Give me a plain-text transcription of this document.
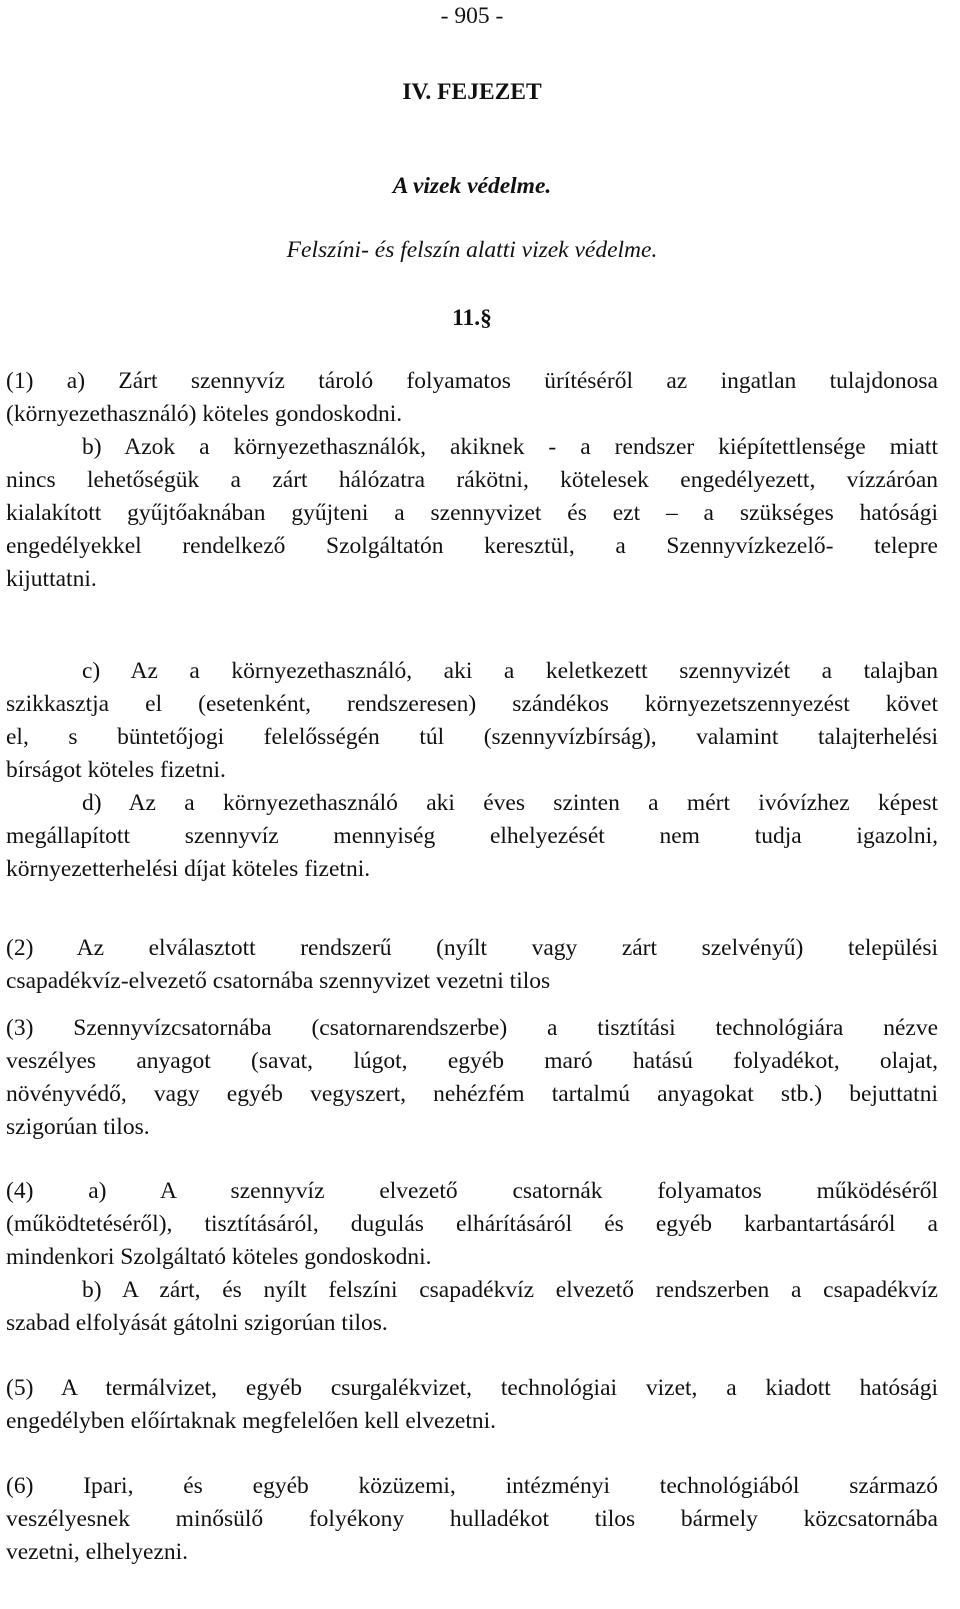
- 905 -
IV. FEJEZET
A vizek védelme.
Felszíni- és felszín alatti vizek védelme.
11.§
(1) a) Zárt szennyvíz tároló folyamatos ürítéséről az ingatlan tulajdonosa
(környezethasználó) köteles gondoskodni.
b) Azok a környezethasználók, akiknek - a rendszer kiépítettlensége miatt
nincs lehetőségük a zárt hálózatra rákötni, kötelesek engedélyezett, vízzáróan
kialakított gyűjtőaknában gyűjteni a szennyvizet és ezt – a szükséges hatósági
engedélyekkel rendelkező Szolgáltatón keresztül, a Szennyvízkezelő- telepre
kijuttatni.
c) Az a környezethasználó, aki a keletkezett szennyvizét a talajban
szikkasztja el (esetenként, rendszeresen) szándékos környezetszennyezést követ
el, s büntetőjogi felelősségén túl (szennyvízbírság), valamint talajterhelési
bírságot köteles fizetni.
d) Az a környezethasználó aki éves szinten a mért ivóvízhez képest
megállapított szennyvíz mennyiség elhelyezését nem tudja igazolni,
környezetterhelési díjat köteles fizetni.
(2) Az elválasztott rendszerű (nyílt vagy zárt szelvényű) települési
csapadékvíz-elvezető csatornába szennyvizet vezetni tilos
(3) Szennyvízcsatornába (csatornarendszerbe) a tisztítási technológiára nézve
veszélyes anyagot (savat, lúgot, egyéb maró hatású folyadékot, olajat,
növényvédő, vagy egyéb vegyszert, nehézfém tartalmú anyagokat stb.) bejuttatni
szigorúan tilos.
(4) a) A szennyvíz elvezető csatornák folyamatos működéséről
(működtetéséről), tisztításáról, dugulás elhárításáról és egyéb karbantartásáról a
mindenkori Szolgáltató köteles gondoskodni.
b) A zárt, és nyílt felszíni csapadékvíz elvezető rendszerben a csapadékvíz
szabad elfolyását gátolni szigorúan tilos.
(5) A termálvizet, egyéb csurgalékvizet, technológiai vizet, a kiadott hatósági
engedélyben előírtaknak megfelelően kell elvezetni.
(6) Ipari, és egyéb közüzemi, intézményi technológiából származó
veszélyesnek minősülő folyékony hulladékot tilos bármely közcsatornába
vezetni, elhelyezni.
